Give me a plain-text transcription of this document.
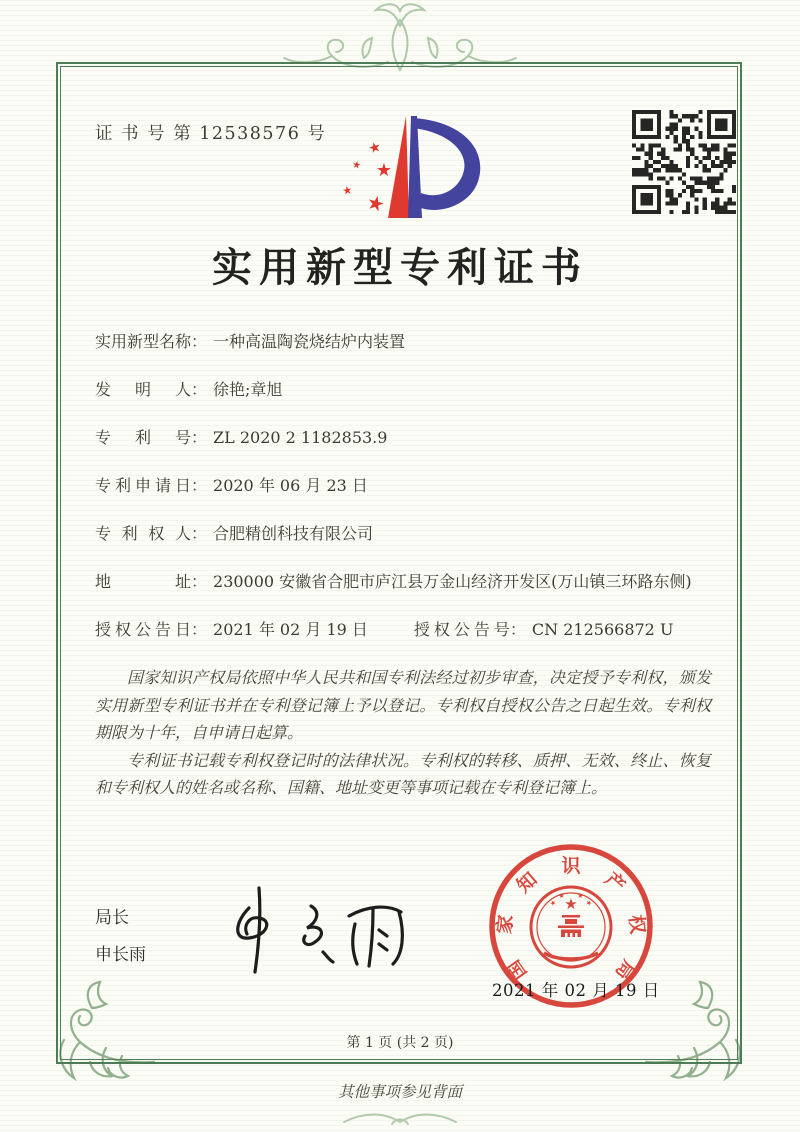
证 书 号 第 12538576 号
★
★ ★
★ ★
实用新型专利证书
实用新型名称 ： 一种高温陶瓷烧结炉内装置
发明人 ： 徐艳;章旭
专利号 ： ZL 2020 2 1182853.9
专利申请日 ： 2020 年 06 月 23 日
专利权人 ： 合肥精创科技有限公司
地址 ： 230000 安徽省合肥市庐江县万金山经济开发区(万山镇三环路东侧)
授权公告日 ： 2021 年 02 月 19 日	授权公告号 ： CN 212566872 U

国家知识产权局依照中华人民共和国专利法经过初步审查，决定授予专利权，颁发实用新型专利证书并在专利登记簿上予以登记。专利权自授权公告之日起生效。专利权期限为十年，自申请日起算。

专利证书记载专利权登记时的法律状况。专利权的转移、质押、无效、终止、恢复和专利权人的姓名或名称、国籍、地址变更等事项记载在专利登记簿上。

局长
申长雨
国
家
知
识
产
权
局
★
★
★ ★
★
2021 年 02 月 19 日
第 1 页 (共 2 页)
其他事项参见背面
